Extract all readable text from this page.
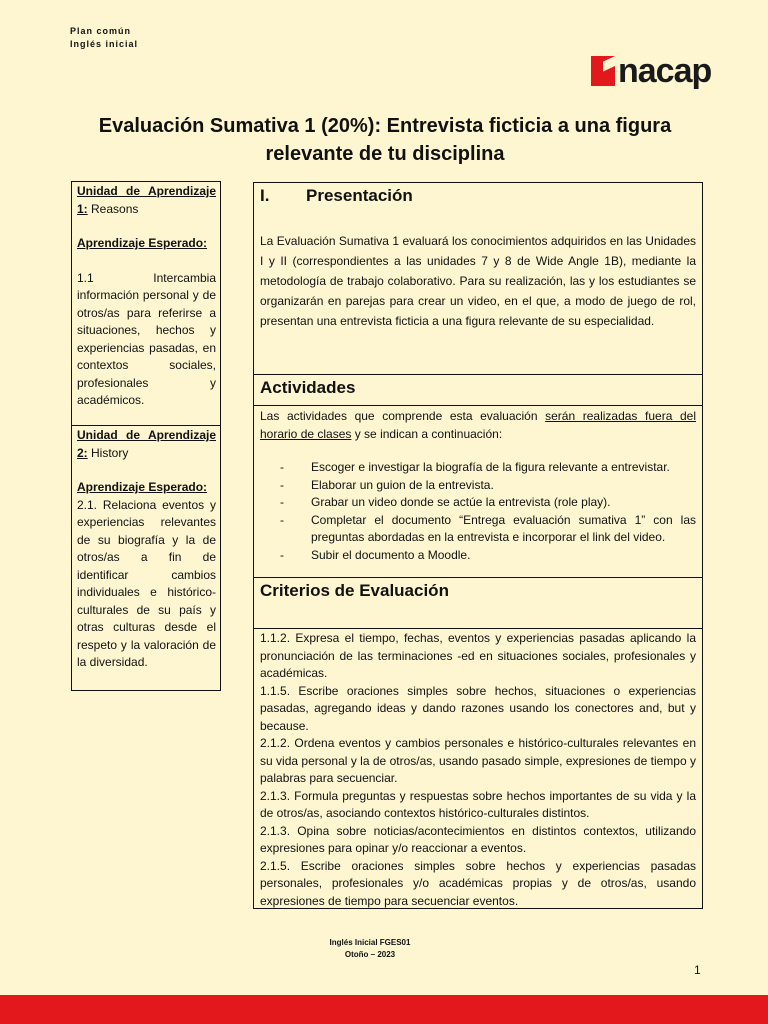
Plan común
Inglés inicial
nacap
Evaluación Sumativa 1 (20%): Entrevista ficticia a una figura relevante de tu disciplina
Unidad de Aprendizaje 1: Reasons
Aprendizaje Esperado:
1.1 Intercambia información personal y de otros/as para referirse a situaciones, hechos y experiencias pasadas, en contextos sociales, profesionales y académicos.
Unidad de Aprendizaje 2: History
Aprendizaje Esperado:
2.1. Relaciona eventos y experiencias relevantes de su biografía y la de otros/as a fin de identificar cambios individuales e histórico-culturales de su país y otras culturas desde el respeto y la valoración de la diversidad.
I. Presentación
La Evaluación Sumativa 1 evaluará los conocimientos adquiridos en las Unidades I y II (correspondientes a las unidades 7 y 8 de Wide Angle 1B), mediante la metodología de trabajo colaborativo. Para su realización, las y los estudiantes se organizarán en parejas para crear un video, en el que, a modo de juego de rol, presentan una entrevista ficticia a una figura relevante de su especialidad.
Actividades
Las actividades que comprende esta evaluación serán realizadas fuera del horario de clases y se indican a continuación:
- Escoger e investigar la biografía de la figura relevante a entrevistar.
- Elaborar un guion de la entrevista.
- Grabar un video donde se actúe la entrevista (role play).
- Completar el documento “Entrega evaluación sumativa 1” con las preguntas abordadas en la entrevista e incorporar el link del video.
- Subir el documento a Moodle.
Criterios de Evaluación
1.1.2. Expresa el tiempo, fechas, eventos y experiencias pasadas aplicando la pronunciación de las terminaciones -ed en situaciones sociales, profesionales y académicas.
1.1.5. Escribe oraciones simples sobre hechos, situaciones o experiencias pasadas, agregando ideas y dando razones usando los conectores and, but y because.
2.1.2. Ordena eventos y cambios personales e histórico-culturales relevantes en su vida personal y la de otros/as, usando pasado simple, expresiones de tiempo y palabras para secuenciar.
2.1.3. Formula preguntas y respuestas sobre hechos importantes de su vida y la de otros/as, asociando contextos histórico-culturales distintos.
2.1.3. Opina sobre noticias/acontecimientos en distintos contextos, utilizando expresiones para opinar y/o reaccionar a eventos.
2.1.5. Escribe oraciones simples sobre hechos y experiencias pasadas personales, profesionales y/o académicas propias y de otros/as, usando expresiones de tiempo para secuenciar eventos.
Inglés Inicial FGES01
Otoño – 2023
1
